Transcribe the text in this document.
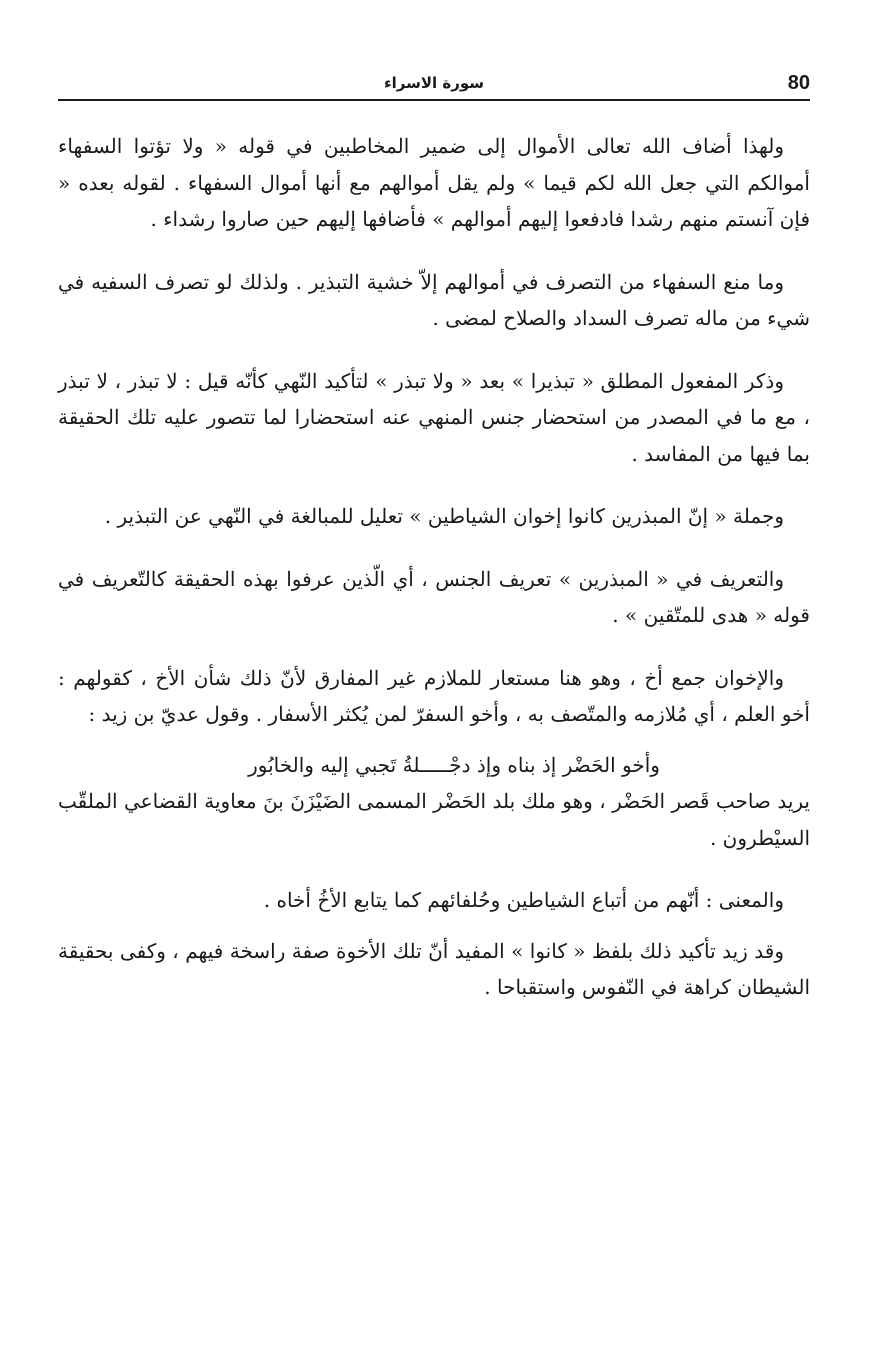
80
سورة الاسراء

ولهذا أضاف الله تعالى الأموال إلى ضمير المخاطبين في قوله « ولا تؤتوا السفهاء أموالكم التي جعل الله لكم قيما » ولم يقل أموالهم مع أنها أموال السفهاء . لقوله بعده « فإن آنستم منهم رشدا فادفعوا إليهم أموالهم » فأضافها إليهم حين صاروا رشداء .

وما منع السفهاء من التصرف في أموالهم إلاّ خشية التبذير . ولذلك لو تصرف السفيه في شيء من ماله تصرف السداد والصلاح لمضى .

وذكر المفعول المطلق « تبذيرا » بعد « ولا تبذر » لتأكيد النّهي كأنّه قيل : لا تبذر ، لا تبذر ، مع ما في المصدر من استحضار جنس المنهي عنه استحضارا لما تتصور عليه تلك الحقيقة بما فيها من المفاسد .

وجملة « إنّ المبذرين كانوا إخوان الشياطين » تعليل للمبالغة في النّهي عن التبذير .

والتعريف في « المبذرين » تعريف الجنس ، أي الّذين عرفوا بهذه الحقيقة كالتّعريف في قوله « هدى للمتّقين » .

والإخوان جمع أخ ، وهو هنا مستعار للملازم غير المفارق لأنّ ذلك شأن الأخ ، كقولهم : أخو العلم ، أي مُلازمه والمتّصف به ، وأخو السفرّ لمن يُكثر الأسفار . وقول عديّ بن زيد :

وأخو الحَضْر إذ بناه وإذ دجْـــــلةُ تَجبي إليه والخابُور

يريد صاحب قَصر الحَضْر ، وهو ملك بلد الحَضْر المسمى الضَيْزَنَ بنَ معاوية القضاعي الملقّب السيْطرون .

والمعنى : أنّهم من أتباع الشياطين وحُلفائهم كما يتابع الأخُ أخاه .

وقد زيد تأكيد ذلك بلفظ « كانوا » المفيد أنّ تلك الأخوة صفة راسخة فيهم ، وكفى بحقيقة الشيطان كراهة في النّفوس واستقباحا .
